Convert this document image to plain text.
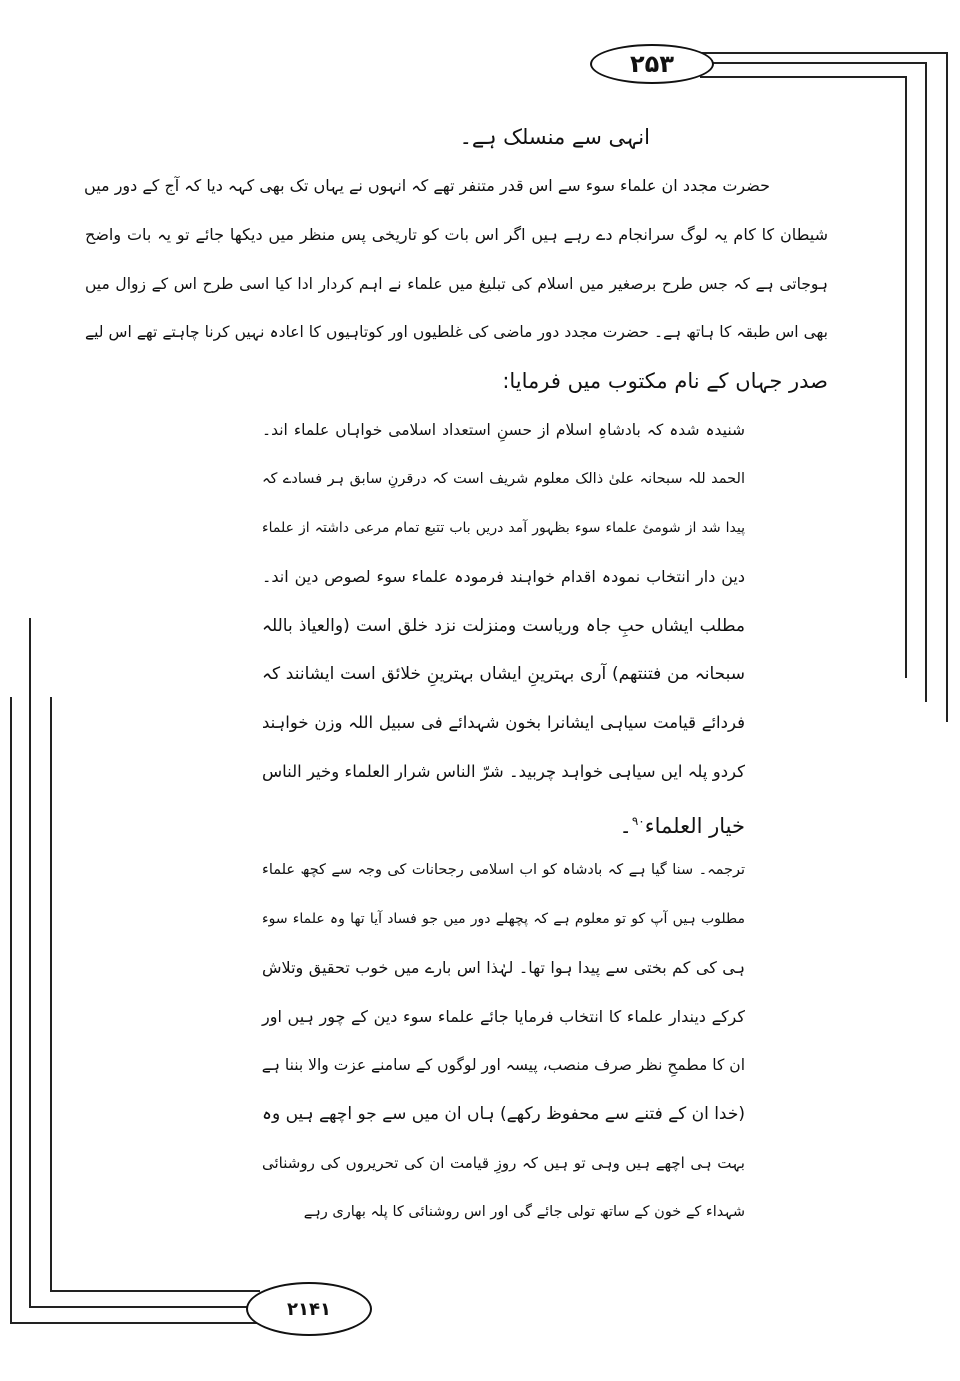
۲۵۳
۲۱۴۱
انہی سے منسلک ہے۔
حضرت مجدد ان علماء سوء سے اس قدر متنفر تھے کہ انہوں نے یہاں تک بھی کہہ دیا کہ آج کے دور میں
شیطان کا کام یہ لوگ سرانجام دے رہے ہیں اگر اس بات کو تاریخی پس منظر میں دیکھا جائے تو یہ بات واضح
ہوجاتی ہے کہ جس طرح برصغیر میں اسلام کی تبلیغ میں علماء نے اہم کردار ادا کیا اسی طرح اس کے زوال میں
بھی اس طبقہ کا ہاتھ ہے۔ حضرت مجدد دور ماضی کی غلطیوں اور کوتاہیوں کا اعادہ نہیں کرنا چاہتے تھے اس لیے
صدر جہاں کے نام مکتوب میں فرمایا:
شنیدہ شدہ کہ بادشاہِ اسلام از حسنِ استعداد اسلامی خواہاں علماء اند۔
الحمد للہ سبحانہ علیٰ ذالک معلوم شریف است کہ درقرنِ سابق ہر فسادے کہ
پیدا شد از شومئ علماء سوء بظہور آمد دریں باب تتبع تمام مرعی داشتہ از علماء
دین دار انتخاب نمودہ اقدام خواہند فرمودہ علماء سوء لصوص دین اند۔
مطلب ایشاں حبِ جاہ وریاست ومنزلت نزد خلق است (والعیاذ باللہ
سبحانہ من فتنتھم) آری بہترینِ ایشاں بہترینِ خلائق است ایشانند کہ
فردائے قیامت سیاہی ایشانرا بخون شہدائے فی سبیل اللہ وزن خواہند
کردو پلہ ایں سیاہی خواہد چربید۔ شرّ الناس شرار العلماء وخیر الناس
خیار العلماء$^{۹۰}$۔
ترجمہ۔ سنا گیا ہے کہ بادشاہ کو اب اسلامی رجحانات کی وجہ سے کچھ علماء
مطلوب ہیں آپ کو تو معلوم ہے کہ پچھلے دور میں جو فساد آیا تھا وہ علماء سوء
ہی کی کم بختی سے پیدا ہوا تھا۔ لہٰذا اس بارے میں خوب تحقیق وتلاش
کرکے دیندار علماء کا انتخاب فرمایا جائے علماء سوء دین کے چور ہیں اور
ان کا مطمحِ نظر صرف منصب، پیسہ اور لوگوں کے سامنے عزت والا بننا ہے
(خدا ان کے فتنے سے محفوظ رکھے) ہاں ان میں سے جو اچھے ہیں وہ
بہت ہی اچھے ہیں وہی تو ہیں کہ روزِ قیامت ان کی تحریروں کی روشنائی
شہداء کے خون کے ساتھ تولی جائے گی اور اس روشنائی کا پلہ بھاری رہے
